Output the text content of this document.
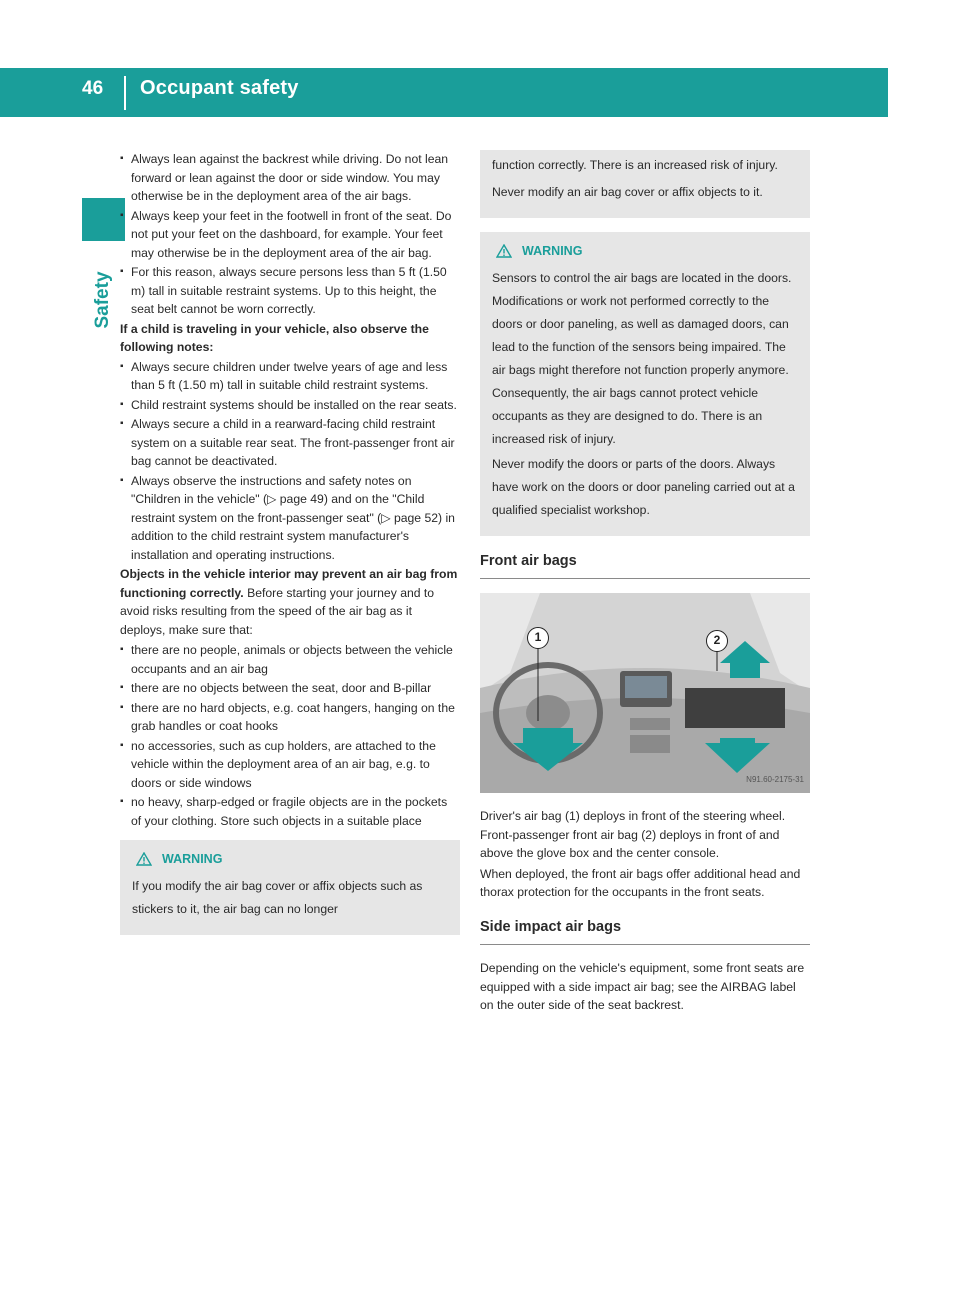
46	Occupant safety
Safety
▪ Always lean against the backrest while driving. Do not lean forward or lean against the door or side window. You may otherwise be in the deployment area of the air bags.
▪ Always keep your feet in the footwell in front of the seat. Do not put your feet on the dashboard, for example. Your feet may otherwise be in the deployment area of the air bag.
▪ For this reason, always secure persons less than 5 ft (1.50 m) tall in suitable restraint systems. Up to this height, the seat belt cannot be worn correctly.
If a child is traveling in your vehicle, also observe the following notes:
▪ Always secure children under twelve years of age and less than 5 ft (1.50 m) tall in suitable child restraint systems.
▪ Child restraint systems should be installed on the rear seats.
▪ Always secure a child in a rearward-facing child restraint system on a suitable rear seat. The front-passenger front air bag cannot be deactivated.
▪ Always observe the instructions and safety notes on "Children in the vehicle" (▷ page 49) and on the "Child restraint system on the front-passenger seat" (▷ page 52) in addition to the child restraint system manufacturer's installation and operating instructions.
Objects in the vehicle interior may prevent an air bag from functioning correctly. Before starting your journey and to avoid risks resulting from the speed of the air bag as it deploys, make sure that:
▪ there are no people, animals or objects between the vehicle occupants and an air bag
▪ there are no objects between the seat, door and B-pillar
▪ there are no hard objects, e.g. coat hangers, hanging on the grab handles or coat hooks
▪ no accessories, such as cup holders, are attached to the vehicle within the deployment area of an air bag, e.g. to doors or side windows
▪ no heavy, sharp-edged or fragile objects are in the pockets of your clothing. Store such objects in a suitable place
WARNING
If you modify the air bag cover or affix objects such as stickers to it, the air bag can no longer
function correctly. There is an increased risk of injury.
Never modify an air bag cover or affix objects to it.
WARNING
Sensors to control the air bags are located in the doors. Modifications or work not performed correctly to the doors or door paneling, as well as damaged doors, can lead to the function of the sensors being impaired. The air bags might therefore not function properly anymore. Consequently, the air bags cannot protect vehicle occupants as they are designed to do. There is an increased risk of injury.
Never modify the doors or parts of the doors. Always have work on the doors or door paneling carried out at a qualified specialist workshop.
Front air bags
1	2
N91.60-2175-31
Driver's air bag (1) deploys in front of the steering wheel. Front-passenger front air bag (2) deploys in front of and above the glove box and the center console.
When deployed, the front air bags offer additional head and thorax protection for the occupants in the front seats.
Side impact air bags
Depending on the vehicle's equipment, some front seats are equipped with a side impact air bag; see the AIRBAG label on the outer side of the seat backrest.
